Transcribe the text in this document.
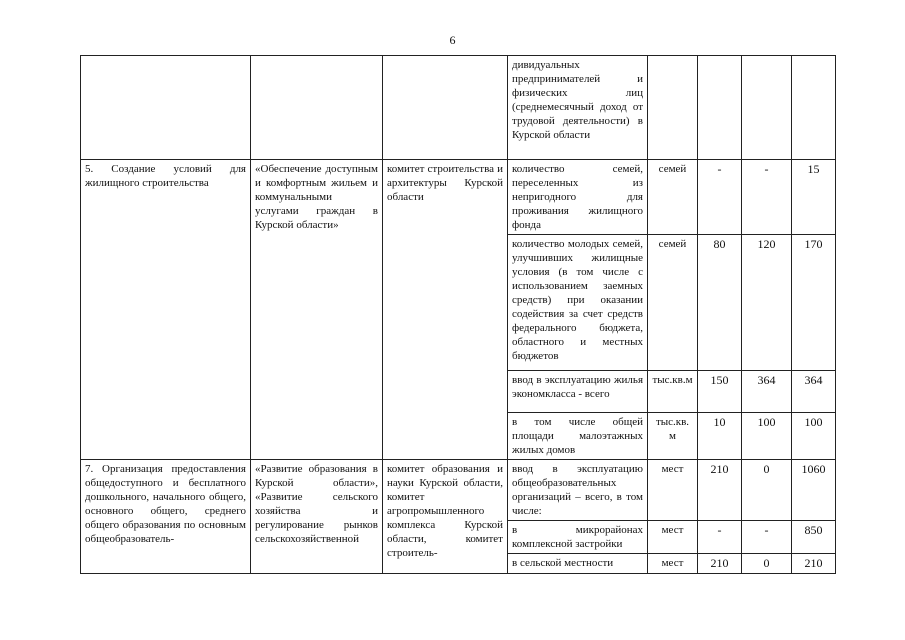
6
			дивидуальных предпринимателей и физических лиц (среднемесячный доход от трудовой деятельности) в Курской области				
5. Создание условий для жилищного строительства	«Обеспечение доступным и комфортным жильем и коммунальными услугами граждан в Курской области»	комитет строительства и архитектуры Курской области	количество семей, переселенных из непригодного для проживания жилищного фонда	семей	-	-	15
			количество молодых семей, улучшивших жилищные условия (в том числе с использованием заемных средств) при оказании содействия за счет средств федерального бюджета, областного и местных бюджетов	семей	80	120	170
			ввод в эксплуатацию жилья экономкласса - всего	тыс.кв.м	150	364	364
			в том числе общей площади малоэтажных жилых домов	тыс.кв. м	10	100	100
7. Организация предоставления общедоступного и бесплатного дошкольного, начального общего, основного общего, среднего общего образования по основным общеобразователь-	«Развитие образования в Курской области», «Развитие сельского хозяйства и регулирование рынков сельскохозяйственной	комитет образования и науки Курской области, комитет агропромышленного комплекса Курской области, комитет строитель-	ввод в эксплуатацию общеобразовательных организаций – всего, в том числе:	мест	210	0	1060
			в микрорайонах комплексной застройки	мест	-	-	850
			в сельской местности	мест	210	0	210
